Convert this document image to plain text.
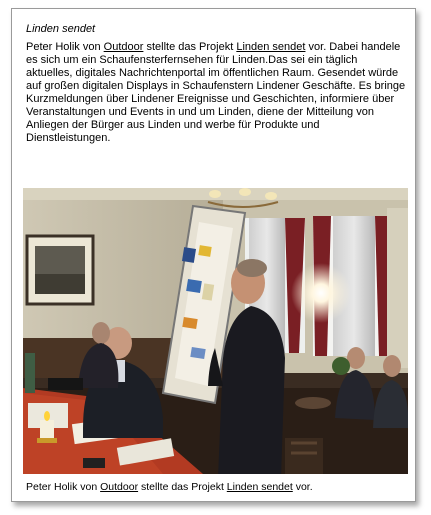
Linden sendet

Peter Holik von Outdoor stellte das Projekt Linden sendet vor. Dabei handele es sich um ein Schaufensterfernsehen für Linden.Das sei ein täglich aktuelles, digitales Nachrichtenportal im öffentlichen Raum. Gesendet würde auf großen digitalen Displays in Schaufenstern Lindener Geschäfte. Es bringe Kurzmeldungen über Lindener Ereignisse und Geschichten, informiere über Veranstaltungen und Events in und um Linden, diene der Mitteilung von Anliegen der Bürger aus Linden und werbe für Produkte und Dienstleistungen.

Peter Holik von Outdoor stellte das Projekt Linden sendet vor.
